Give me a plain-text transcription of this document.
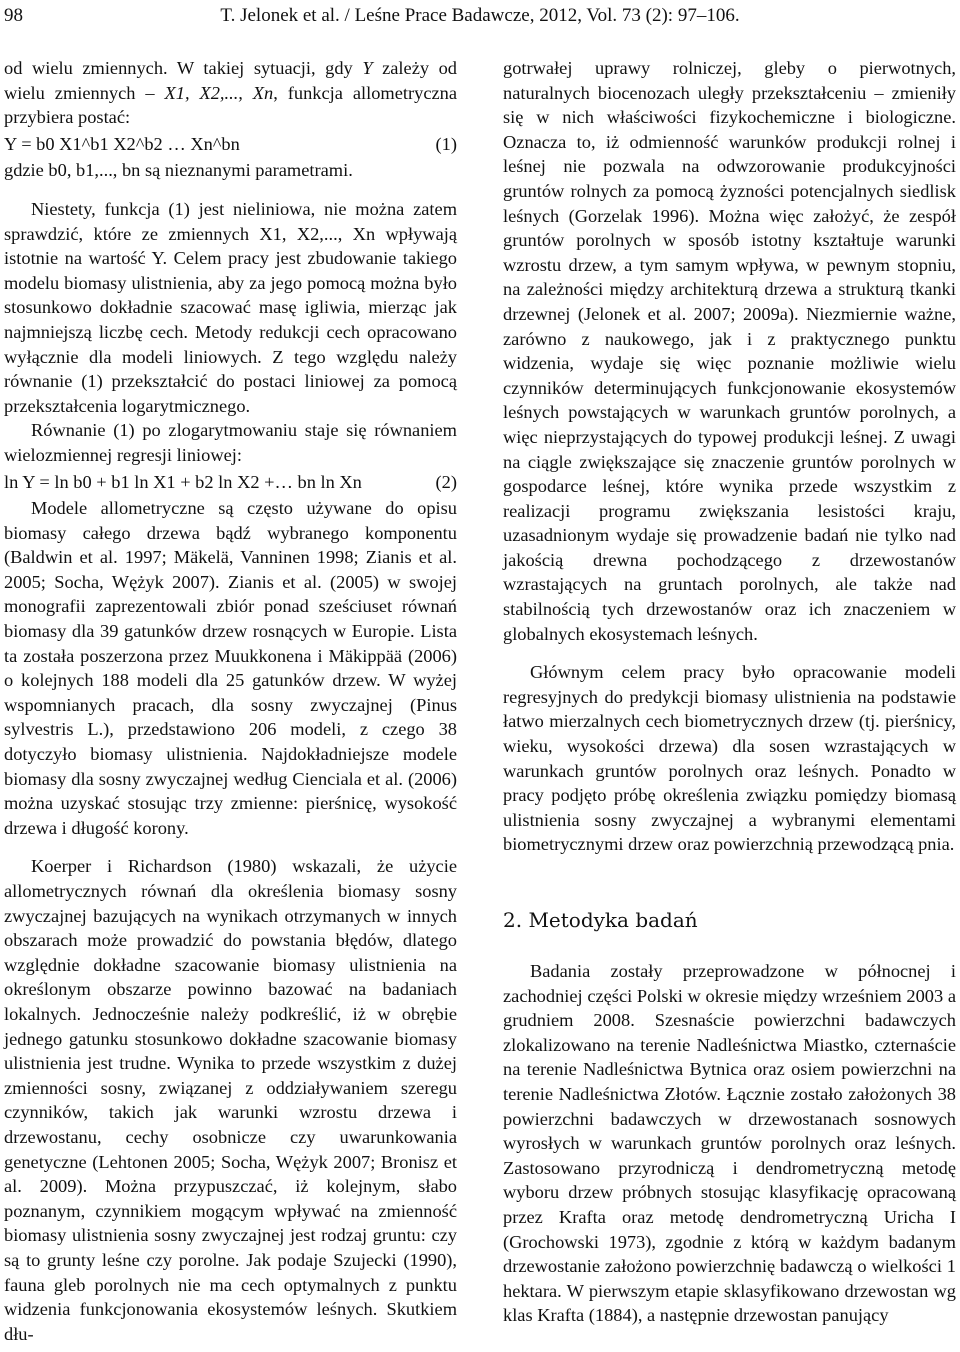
98	T. Jelonek et al. / Leśne Prace Badawcze, 2012, Vol. 73 (2): 97–106.

od wielu zmiennych. W takiej sytuacji, gdy Y zależy od wielu zmiennych – X1, X2,..., Xn, funkcja allometryczna przybiera postać:

Y = b0 X1^b1 X2^b2 … Xn^bn	(1)

gdzie b0, b1,..., bn są nieznanymi parametrami.

Niestety, funkcja (1) jest nieliniowa, nie można zatem sprawdzić, które ze zmiennych X1, X2,..., Xn wpływają istotnie na wartość Y. Celem pracy jest zbudowanie takiego modelu biomasy ulistnienia, aby za jego pomocą można było stosunkowo dokładnie szacować masę igliwia, mierząc jak najmniejszą liczbę cech. Metody redukcji cech opracowano wyłącznie dla modeli liniowych. Z tego względu należy równanie (1) przekształcić do postaci liniowej za pomocą przekształcenia logarytmicznego.

Równanie (1) po zlogarytmowaniu staje się równaniem wielozmiennej regresji liniowej:

ln Y = ln b0 + b1 ln X1 + b2 ln X2 +… bn ln Xn	(2)

Modele allometryczne są często używane do opisu biomasy całego drzewa bądź wybranego komponentu (Baldwin et al. 1997; Mäkelä, Vanninen 1998; Zianis et al. 2005; Socha, Wężyk 2007). Zianis et al. (2005) w swojej monografii zaprezentowali zbiór ponad sześciuset równań biomasy dla 39 gatunków drzew rosnących w Europie. Lista ta została poszerzona przez Muukkonena i Mäkippää (2006) o kolejnych 188 modeli dla 25 gatunków drzew. W wyżej wspomnianych pracach, dla sosny zwyczajnej (Pinus sylvestris L.), przedstawiono 206 modeli, z czego 38 dotyczyło biomasy ulistnienia. Najdokładniejsze modele biomasy dla sosny zwyczajnej według Cienciala et al. (2006) można uzyskać stosując trzy zmienne: pierśnicę, wysokość drzewa i długość korony.

Koerper i Richardson (1980) wskazali, że użycie allometrycznych równań dla określenia biomasy sosny zwyczajnej bazujących na wynikach otrzymanych w innych obszarach może prowadzić do powstania błędów, dlatego względnie dokładne szacowanie biomasy ulistnienia na określonym obszarze powinno bazować na badaniach lokalnych. Jednocześnie należy podkreślić, iż w obrębie jednego gatunku stosunkowo dokładne szacowanie biomasy ulistnienia jest trudne. Wynika to przede wszystkim z dużej zmienności sosny, związanej z oddziaływaniem szeregu czynników, takich jak warunki wzrostu drzewa i drzewostanu, cechy osobnicze czy uwarunkowania genetyczne (Lehtonen 2005; Socha, Wężyk 2007; Bronisz et al. 2009). Można przypuszczać, iż kolejnym, słabo poznanym, czynnikiem mogącym wpływać na zmienność biomasy ulistnienia sosny zwyczajnej jest rodzaj gruntu: czy są to grunty leśne czy porolne. Jak podaje Szujecki (1990), fauna gleb porolnych nie ma cech optymalnych z punktu widzenia funkcjonowania ekosystemów leśnych. Skutkiem dłu-

gotrwałej uprawy rolniczej, gleby o pierwotnych, naturalnych biocenozach uległy przekształceniu – zmieniły się w nich właściwości fizykochemiczne i biologiczne. Oznacza to, iż odmienność warunków produkcji rolnej i leśnej nie pozwala na odwzorowanie produkcyjności gruntów rolnych za pomocą żyzności potencjalnych siedlisk leśnych (Gorzelak 1996). Można więc założyć, że zespół gruntów porolnych w sposób istotny kształtuje warunki wzrostu drzew, a tym samym wpływa, w pewnym stopniu, na zależności między architekturą drzewa a strukturą tkanki drzewnej (Jelonek et al. 2007; 2009a). Niezmiernie ważne, zarówno z naukowego, jak i z praktycznego punktu widzenia, wydaje się więc poznanie możliwie wielu czynników determinujących funkcjonowanie ekosystemów leśnych powstających w warunkach gruntów porolnych, a więc nieprzystających do typowej produkcji leśnej. Z uwagi na ciągle zwiększające się znaczenie gruntów porolnych w gospodarce leśnej, które wynika przede wszystkim z realizacji programu zwiększania lesistości kraju, uzasadnionym wydaje się prowadzenie badań nie tylko nad jakością drewna pochodzącego z drzewostanów wzrastających na gruntach porolnych, ale także nad stabilnością tych drzewostanów oraz ich znaczeniem w globalnych ekosystemach leśnych.

Głównym celem pracy było opracowanie modeli regresyjnych do predykcji biomasy ulistnienia na podstawie łatwo mierzalnych cech biometrycznych drzew (tj. pierśnicy, wieku, wysokości drzewa) dla sosen wzrastających w warunkach gruntów porolnych oraz leśnych. Ponadto w pracy podjęto próbę określenia związku pomiędzy biomasą ulistnienia sosny zwyczajnej a wybranymi elementami biometrycznymi drzew oraz powierzchnią przewodzącą pnia.

2. Metodyka badań

Badania zostały przeprowadzone w północnej i zachodniej części Polski w okresie między wrześniem 2003 a grudniem 2008. Szesnaście powierzchni badawczych zlokalizowano na terenie Nadleśnictwa Miastko, czternaście na terenie Nadleśnictwa Bytnica oraz osiem powierzchni na terenie Nadleśnictwa Złotów. Łącznie zostało założonych 38 powierzchni badawczych w drzewostanach sosnowych wyrosłych w warunkach gruntów porolnych oraz leśnych. Zastosowano przyrodniczą i dendrometryczną metodę wyboru drzew próbnych stosując klasyfikację opracowaną przez Krafta oraz metodę dendrometryczną Uricha I (Grochowski 1973), zgodnie z którą w każdym badanym drzewostanie założono powierzchnię badawczą o wielkości 1 hektara. W pierwszym etapie sklasyfikowano drzewostan wg klas Krafta (1884), a następnie drzewostan panujący
